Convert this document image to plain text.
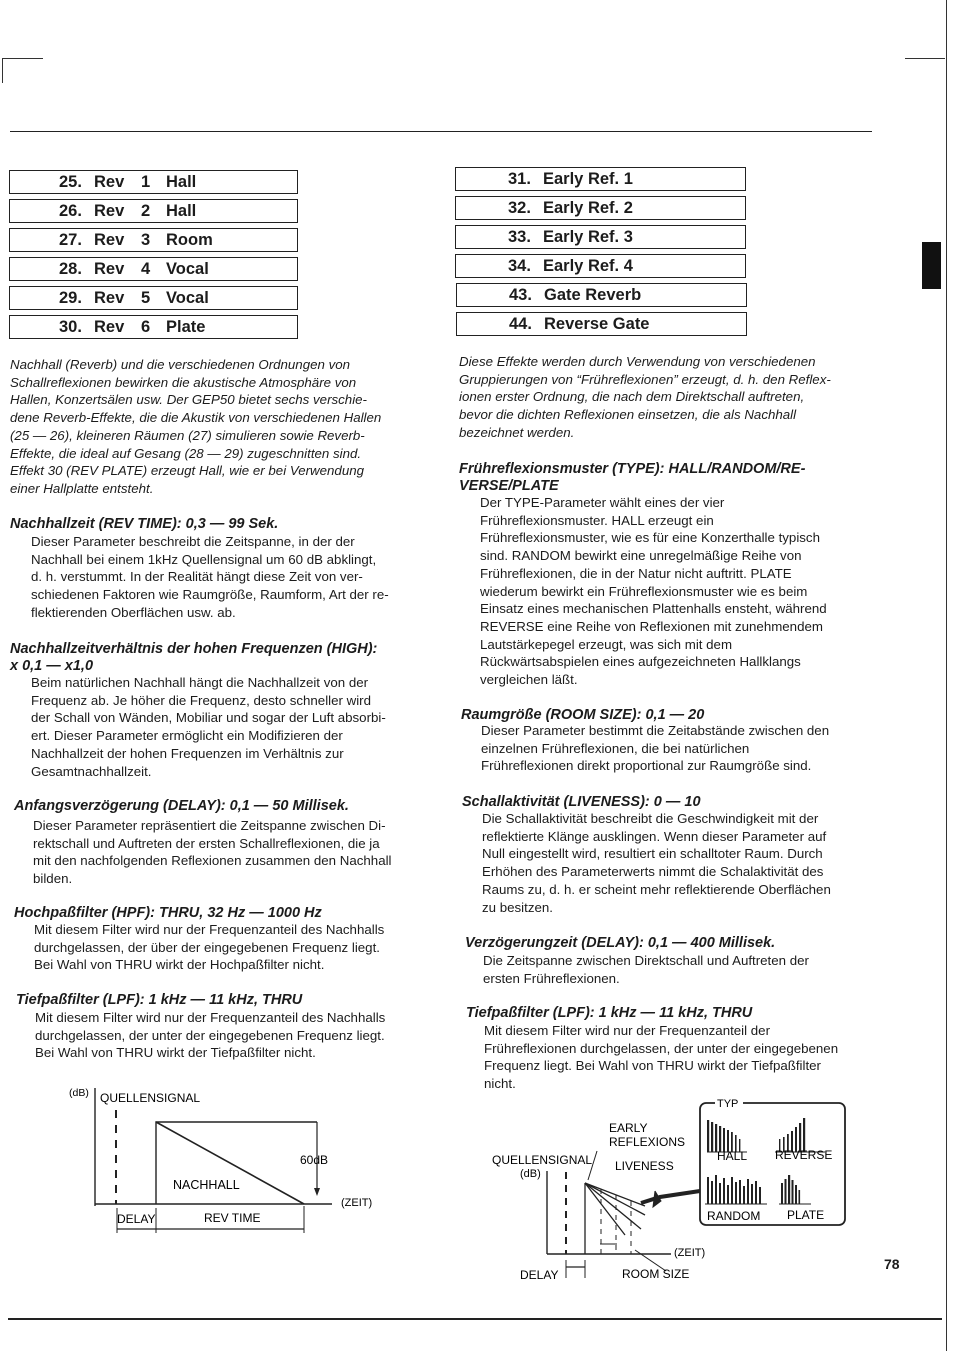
25. Rev 1 Hall
26. Rev 2 Hall
27. Rev 3 Room
28. Rev 4 Vocal
29. Rev 5 Vocal
30. Rev 6 Plate
31. Early Ref. 1
32. Early Ref. 2
33. Early Ref. 3
34. Early Ref. 4
43. Gate Reverb
44. Reverse Gate
Nachhall (Reverb) und die verschiedenen Ordnungen von
Schallreflexionen bewirken die akustische Atmosphäre von
Hallen, Konzertsälen usw. Der GEP50 bietet sechs verschie-
dene Reverb-Effekte, die die Akustik von verschiedenen Hallen
(25 — 26), kleineren Räumen (27) simulieren sowie Reverb-
Effekte, die ideal auf Gesang (28 — 29) zugeschnitten sind.
Effekt 30 (REV PLATE) erzeugt Hall, wie er bei Verwendung
einer Hallplatte entsteht.
Nachhallzeit (REV TIME): 0,3 — 99 Sek.
Dieser Parameter beschreibt die Zeitspanne, in der der
Nachhall bei einem 1kHz Quellensignal um 60 dB abklingt,
d. h. verstummt. In der Realität hängt diese Zeit von ver-
schiedenen Faktoren wie Raumgröße, Raumform, Art der re-
flektierenden Oberflächen usw. ab.
Nachhallzeitverhältnis der hohen Frequenzen (HIGH):
x 0,1 — x1,0
Beim natürlichen Nachhall hängt die Nachhallzeit von der
Frequenz ab. Je höher die Frequenz, desto schneller wird
der Schall von Wänden, Mobiliar und sogar der Luft absorbi-
ert. Dieser Parameter ermöglicht ein Modifizieren der
Nachhallzeit der hohen Frequenzen im Verhältnis zur
Gesamtnachhallzeit.
Anfangsverzögerung (DELAY): 0,1 — 50 Millisek.
Dieser Parameter repräsentiert die Zeitspanne zwischen Di-
rektschall und Auftreten der ersten Schallreflexionen, die ja
mit den nachfolgenden Reflexionen zusammen den Nachhall
bilden.
Hochpaßfilter (HPF): THRU, 32 Hz — 1000 Hz
Mit diesem Filter wird nur der Frequenzanteil des Nachhalls
durchgelassen, der über der eingegebenen Frequenz liegt.
Bei Wahl von THRU wirkt der Hochpaßfilter nicht.
Tiefpaßfilter (LPF): 1 kHz — 11 kHz, THRU
Mit diesem Filter wird nur der Frequenzanteil des Nachhalls
durchgelassen, der unter der eingegebenen Frequenz liegt.
Bei Wahl von THRU wirkt der Tiefpaßfilter nicht.
Diese Effekte werden durch Verwendung von verschiedenen
Gruppierungen von “Frühreflexionen” erzeugt, d. h. den Reflex-
ionen erster Ordnung, die nach dem Direktschall auftreten,
bevor die dichten Reflexionen einsetzen, die als Nachhall
bezeichnet werden.
Frühreflexionsmuster (TYPE): HALL/RANDOM/RE-
VERSE/PLATE
Der TYPE-Parameter wählt eines der vier
Frühreflexionsmuster. HALL erzeugt ein
Frühreflexionsmuster, wie es für eine Konzerthalle typisch
sind. RANDOM bewirkt eine unregelmäßige Reihe von
Frühreflexionen, die in der Natur nicht auftritt. PLATE
wiederum bewirkt ein Frühreflexionsmuster wie es beim
Einsatz eines mechanischen Plattenhalls ensteht, während
REVERSE eine Reihe von Reflexionen mit zunehmendem
Lautstärkepegel erzeugt, was sich mit dem
Rückwärtsabspielen eines aufgezeichneten Hallklangs
vergleichen läßt.
Raumgröße (ROOM SIZE): 0,1 — 20
Dieser Parameter bestimmt die Zeitabstände zwischen den
einzelnen Frühreflexionen, die bei natürlichen
Frühreflexionen direkt proportional zur Raumgröße sind.
Schallaktivität (LIVENESS): 0 — 10
Die Schallaktivität beschreibt die Geschwindigkeit mit der
reflektierte Klänge ausklingen. Wenn dieser Parameter auf
Null eingestellt wird, resultiert ein schalltoter Raum. Durch
Erhöhen des Parameterwerts nimmt die Schalaktivität des
Raums zu, d. h. er scheint mehr reflektierende Oberflächen
zu besitzen.
Verzögerungzeit (DELAY): 0,1 — 400 Millisek.
Die Zeitspanne zwischen Direktschall und Auftreten der
ersten Frühreflexionen.
Tiefpaßfilter (LPF): 1 kHz — 11 kHz, THRU
Mit diesem Filter wird nur der Frequenzanteil der
Frühreflexionen durchgelassen, der unter der eingegebenen
Frequenz liegt. Bei Wahl von THRU wirkt der Tiefpaßfilter
nicht.
(dB) QUELLENSIGNAL
60dB
NACHHALL
(ZEIT)
DELAY	REV TIME
TYP
HALL REVERSE
RANDOM PLATE
EARLY
REFLEXIONS
QUELLENSIGNAL
(dB)
LIVENESS
(ZEIT)
DELAY	ROOM SIZE
78
